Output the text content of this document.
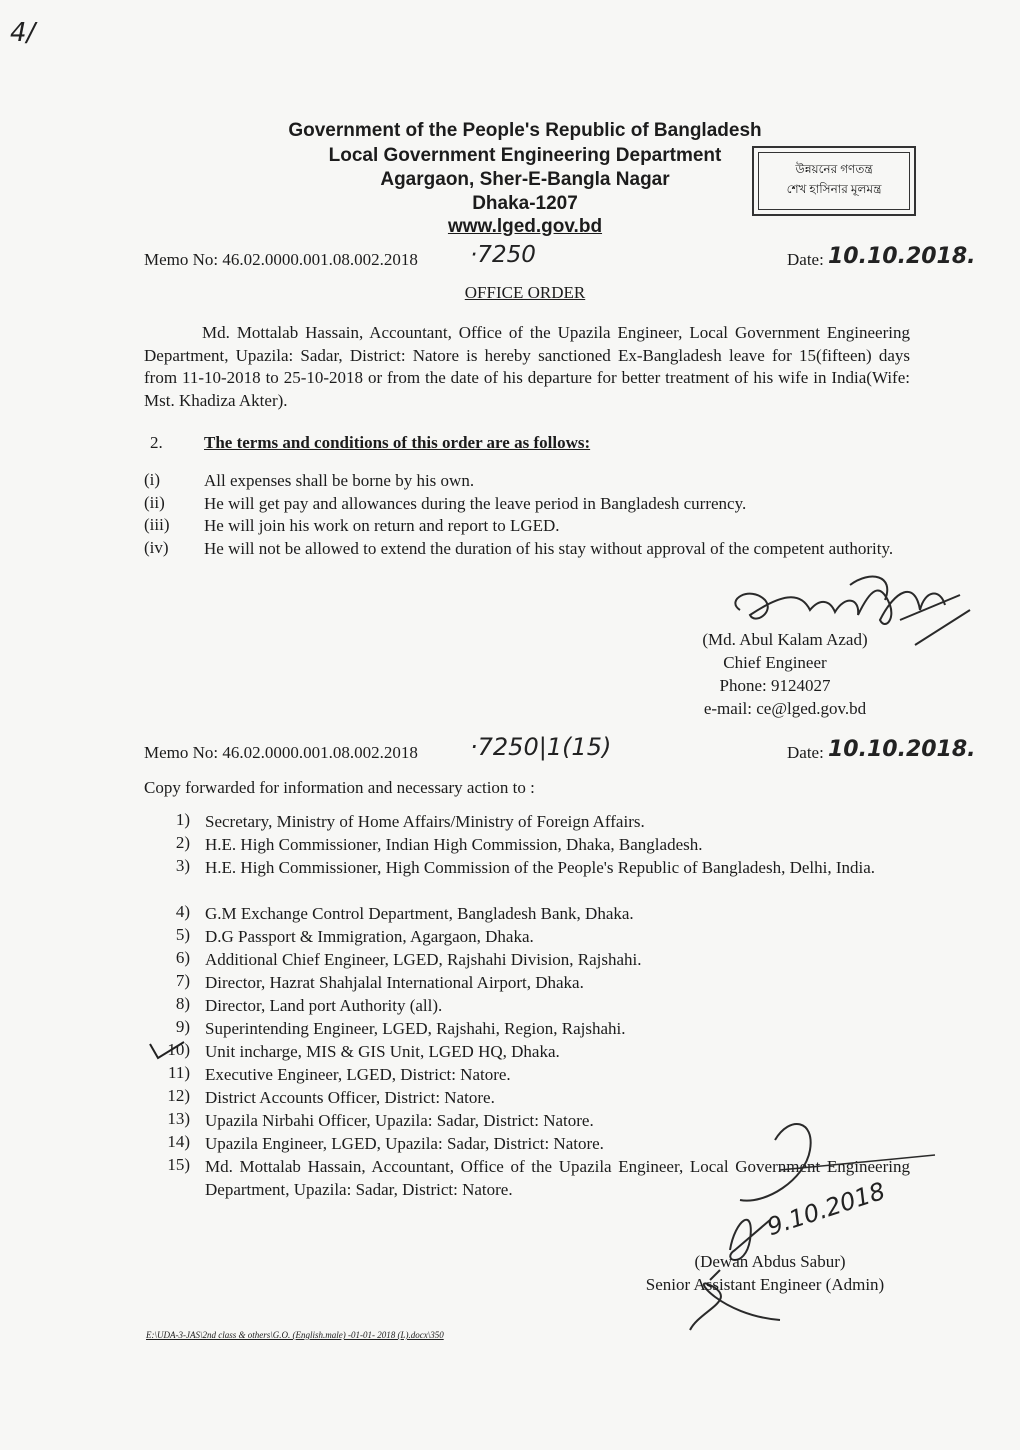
4/
Government of the People's Republic of Bangladesh
Local Government Engineering Department
Agargaon, Sher-E-Bangla Nagar
Dhaka-1207
www.lged.gov.bd
উন্নয়নের গণতন্ত্র
শেখ হাসিনার মূলমন্ত্র
Memo No: 46.02.0000.001.08.002.2018 ·7250	Date: 10.10.2018.
OFFICE ORDER
Md. Mottalab Hassain, Accountant, Office of the Upazila Engineer, Local Government Engineering Department, Upazila: Sadar, District: Natore is hereby sanctioned Ex-Bangladesh leave for 15(fifteen) days from 11-10-2018 to 25-10-2018 or from the date of his departure for better treatment of his wife in India(Wife: Mst. Khadiza Akter).
2. The terms and conditions of this order are as follows:
(i)	All expenses shall be borne by his own.
(ii)	He will get pay and allowances during the leave period in Bangladesh currency.
(iii)	He will join his work on return and report to LGED.
(iv)	He will not be allowed to extend the duration of his stay without approval of the competent authority.
(Md. Abul Kalam Azad)
Chief Engineer
Phone: 9124027
e-mail: ce@lged.gov.bd
Memo No: 46.02.0000.001.08.002.2018 ·7250|1(15)	Date: 10.10.2018.
Copy forwarded for information and necessary action to :
1) Secretary, Ministry of Home Affairs/Ministry of Foreign Affairs.
2) H.E. High Commissioner, Indian High Commission, Dhaka, Bangladesh.
3) H.E. High Commissioner, High Commission of the People's Republic of Bangladesh, Delhi, India.
4) G.M Exchange Control Department, Bangladesh Bank, Dhaka.
5) D.G Passport & Immigration, Agargaon, Dhaka.
6) Additional Chief Engineer, LGED, Rajshahi Division, Rajshahi.
7) Director, Hazrat Shahjalal International Airport, Dhaka.
8) Director, Land port Authority (all).
9) Superintending Engineer, LGED, Rajshahi, Region, Rajshahi.
10) Unit incharge, MIS & GIS Unit, LGED HQ, Dhaka.
11) Executive Engineer, LGED, District: Natore.
12) District Accounts Officer, District: Natore.
13) Upazila Nirbahi Officer, Upazila: Sadar, District: Natore.
14) Upazila Engineer, LGED, Upazila: Sadar, District: Natore.
15) Md. Mottalab Hassain, Accountant, Office of the Upazila Engineer, Local Government Engineering Department, Upazila: Sadar, District: Natore.	9.10.2018
(Dewan Abdus Sabur)
Senior Assistant Engineer (Admin)
E:\UDA-3-JAS\2nd class & others\G.O. (English.male) -01-01- 2018 (L).docx\350
